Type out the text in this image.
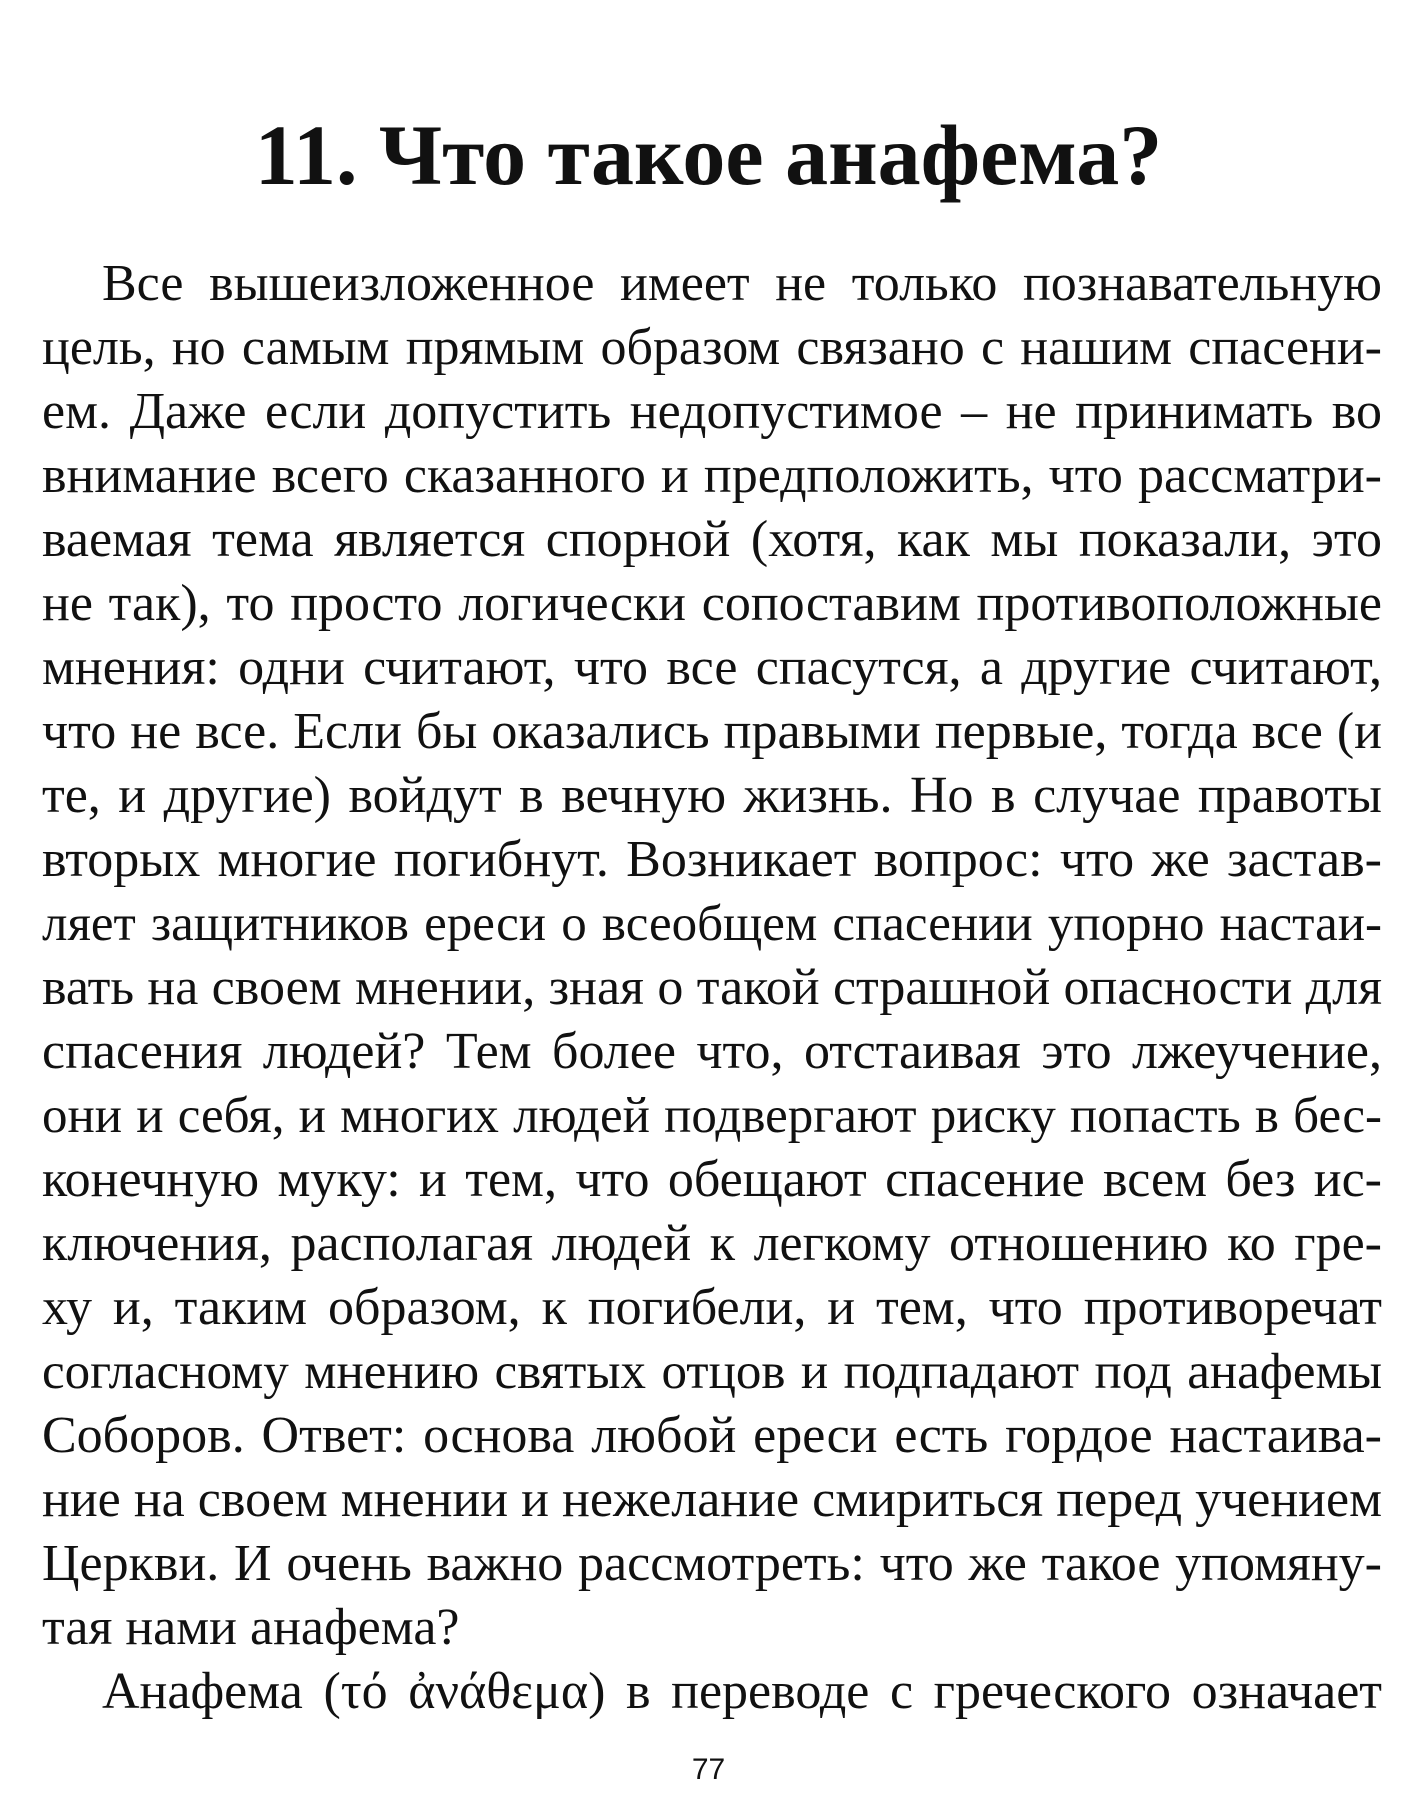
11. Что такое анафема?
Все вышеизложенное имеет не только познавательную
цель, но самым прямым образом связано с нашим спасени-
ем. Даже если допустить недопустимое – не принимать во
внимание всего сказанного и предположить, что рассматри-
ваемая тема является спорной (хотя, как мы показали, это
не так), то просто логически сопоставим противоположные
мнения: одни считают, что все спасутся, а другие считают,
что не все. Если бы оказались правыми первые, тогда все (и
те, и другие) войдут в вечную жизнь. Но в случае правоты
вторых многие погибнут. Возникает вопрос: что же застав-
ляет защитников ереси о всеобщем спасении упорно настаи-
вать на своем мнении, зная о такой страшной опасности для
спасения людей? Тем более что, отстаивая это лжеучение,
они и себя, и многих людей подвергают риску попасть в бес-
конечную муку: и тем, что обещают спасение всем без ис-
ключения, располагая людей к легкому отношению ко гре-
ху и, таким образом, к погибели, и тем, что противоречат
согласному мнению святых отцов и подпадают под анафемы
Соборов. Ответ: основа любой ереси есть гордое настаива-
ние на своем мнении и нежелание смириться перед учением
Церкви. И очень важно рассмотреть: что же такое упомяну-
тая нами анафема?
Анафема (τό ἀνάθεμα) в переводе с греческого означает
77
